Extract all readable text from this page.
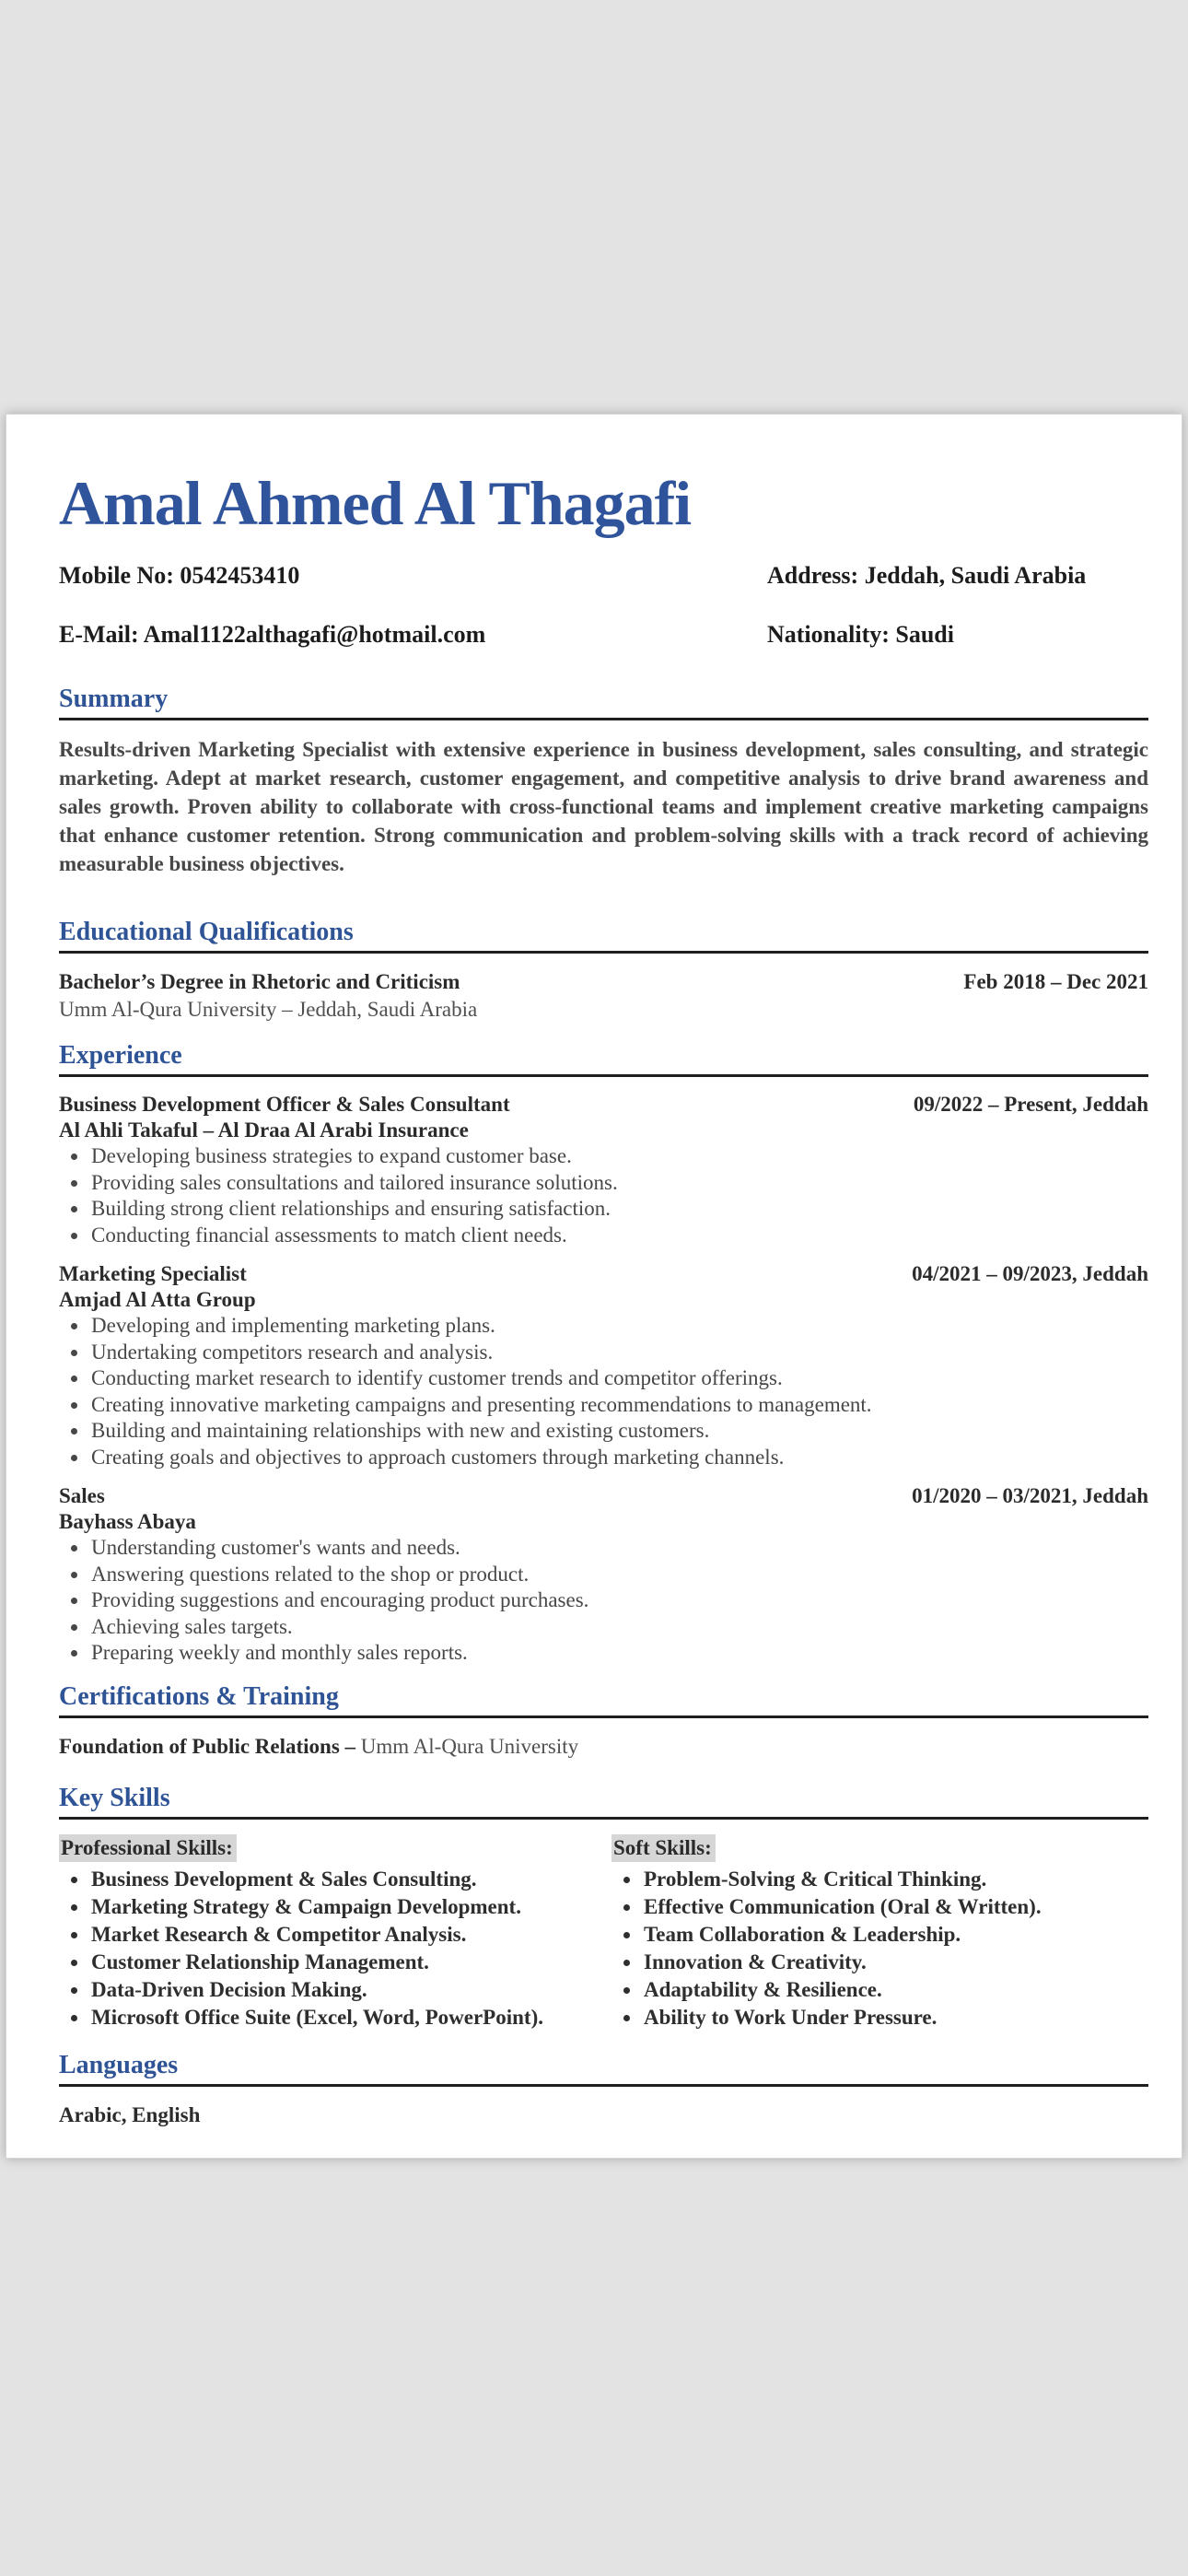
Amal Ahmed Al Thagafi
Mobile No: 0542453410	Address: Jeddah, Saudi Arabia
E-Mail: Amal1122althagafi@hotmail.com	Nationality: Saudi
Summary

Results-driven Marketing Specialist with extensive experience in business development, sales consulting, and strategic marketing. Adept at market research, customer engagement, and competitive analysis to drive brand awareness and sales growth. Proven ability to collaborate with cross-functional teams and implement creative marketing campaigns that enhance customer retention. Strong communication and problem-solving skills with a track record of achieving measurable business objectives.

Educational Qualifications
Bachelor’s Degree in Rhetoric and Criticism	Feb 2018 – Dec 2021
Umm Al-Qura University – Jeddah, Saudi Arabia
Experience
Business Development Officer & Sales Consultant	09/2022 – Present, Jeddah
Al Ahli Takaful – Al Draa Al Arabi Insurance
• Developing business strategies to expand customer base.
• Providing sales consultations and tailored insurance solutions.
• Building strong client relationships and ensuring satisfaction.
• Conducting financial assessments to match client needs.
Marketing Specialist	04/2021 – 09/2023, Jeddah
Amjad Al Atta Group
• Developing and implementing marketing plans.
• Undertaking competitors research and analysis.
• Conducting market research to identify customer trends and competitor offerings.
• Creating innovative marketing campaigns and presenting recommendations to management.
• Building and maintaining relationships with new and existing customers.
• Creating goals and objectives to approach customers through marketing channels.
Sales	01/2020 – 03/2021, Jeddah
Bayhass Abaya
• Understanding customer's wants and needs.
• Answering questions related to the shop or product.
• Providing suggestions and encouraging product purchases.
• Achieving sales targets.
• Preparing weekly and monthly sales reports.
Certifications & Training

Foundation of Public Relations – Umm Al-Qura University

Key Skills
Professional Skills:
• Business Development & Sales Consulting.
• Marketing Strategy & Campaign Development.
• Market Research & Competitor Analysis.
• Customer Relationship Management.
• Data-Driven Decision Making.
• Microsoft Office Suite (Excel, Word, PowerPoint).
Soft Skills:
• Problem-Solving & Critical Thinking.
• Effective Communication (Oral & Written).
• Team Collaboration & Leadership.
• Innovation & Creativity.
• Adaptability & Resilience.
• Ability to Work Under Pressure.
Languages
Arabic, English
